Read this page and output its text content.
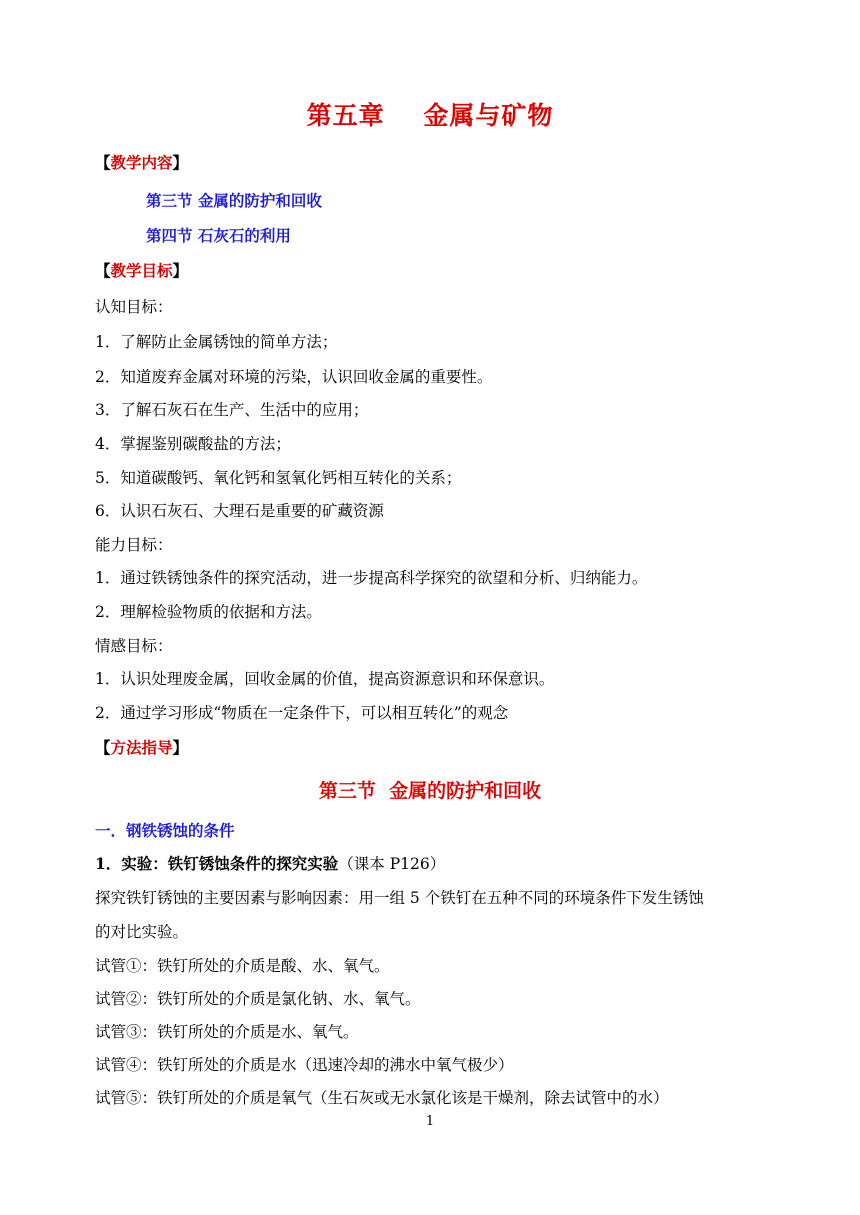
第五章    金属与矿物
【教学内容】
第三节 金属的防护和回收
第四节 石灰石的利用
【教学目标】
认知目标：
1．了解防止金属锈蚀的简单方法；
2．知道废弃金属对环境的污染，认识回收金属的重要性。
3．了解石灰石在生产、生活中的应用；
4．掌握鉴别碳酸盐的方法；
5．知道碳酸钙、氧化钙和氢氧化钙相互转化的关系；
6．认识石灰石、大理石是重要的矿藏资源
能力目标：
1．通过铁锈蚀条件的探究活动，进一步提高科学探究的欲望和分析、归纳能力。
2．理解检验物质的依据和方法。
情感目标：
1．认识处理废金属，回收金属的价值，提高资源意识和环保意识。
2．通过学习形成“物质在一定条件下，可以相互转化”的观念
【方法指导】
第三节  金属的防护和回收
一．钢铁锈蚀的条件
1．实验：铁钉锈蚀条件的探究实验（课本 P126）
探究铁钉锈蚀的主要因素与影响因素：用一组 5 个铁钉在五种不同的环境条件下发生锈蚀
的对比实验。
试管①：铁钉所处的介质是酸、水、氧气。
试管②：铁钉所处的介质是氯化钠、水、氧气。
试管③：铁钉所处的介质是水、氧气。
试管④：铁钉所处的介质是水（迅速冷却的沸水中氧气极少）
试管⑤：铁钉所处的介质是氧气（生石灰或无水氯化该是干燥剂，除去试管中的水）
1
